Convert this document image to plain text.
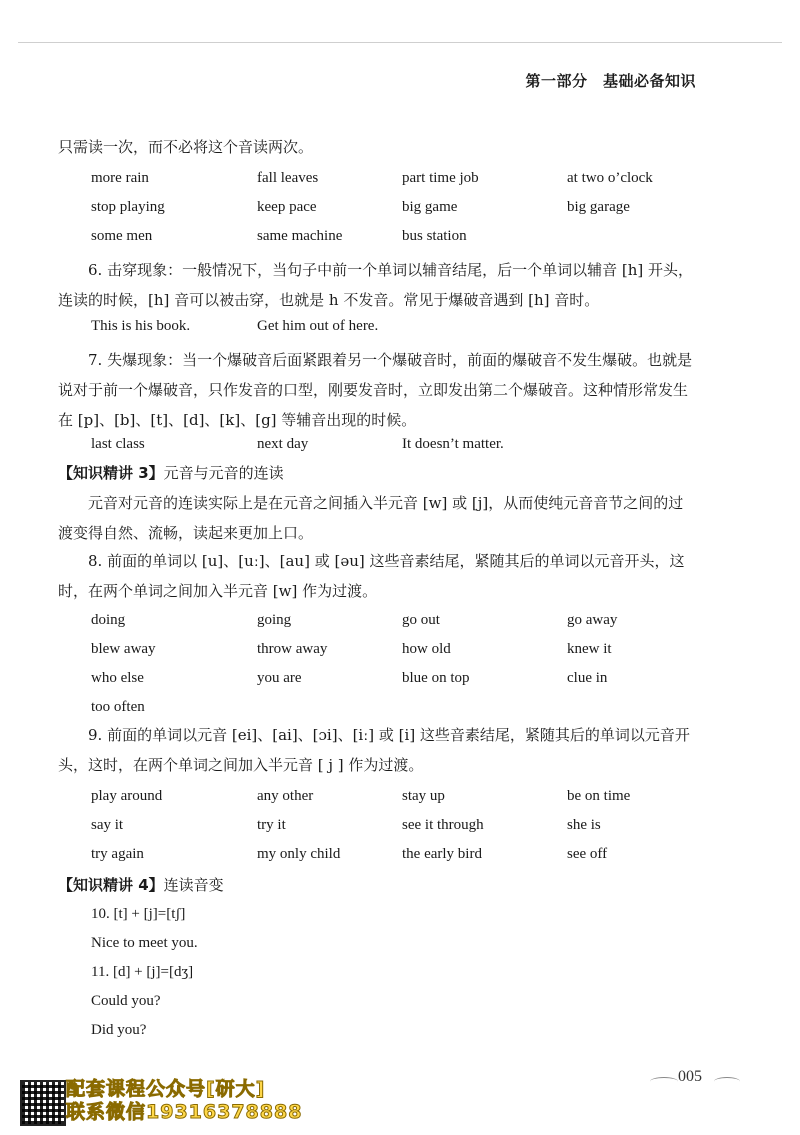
第一部分　基础必备知识

只需读一次，而不必将这个音读两次。

more rain	fall leaves	part time job	at two o’clock
stop playing	keep pace	big game	big garage
some men	same machine	bus station

6. 击穿现象：一般情况下，当句子中前一个单词以辅音结尾，后一个单词以辅音 [h] 开头，连读的时候，[h] 音可以被击穿，也就是 h 不发音。常见于爆破音遇到 [h] 音时。

This is his book.	Get him out of here.

7. 失爆现象：当一个爆破音后面紧跟着另一个爆破音时，前面的爆破音不发生爆破。也就是说对于前一个爆破音，只作发音的口型，刚要发音时，立即发出第二个爆破音。这种情形常发生在 [p]、[b]、[t]、[d]、[k]、[g] 等辅音出现的时候。

last class	next day	It doesn’t matter.

【知识精讲 3】元音与元音的连读

元音对元音的连读实际上是在元音之间插入半元音 [w] 或 [j]，从而使纯元音音节之间的过渡变得自然、流畅，读起来更加上口。

8. 前面的单词以 [u]、[uː]、[au] 或 [əu] 这些音素结尾，紧随其后的单词以元音开头，这时，在两个单词之间加入半元音 [w] 作为过渡。

doing	going	go out	go away
blew away	throw away	how old	knew it
who else	you are	blue on top	clue in
too often

9. 前面的单词以元音 [ei]、[ai]、[ɔi]、[iː] 或 [i] 这些音素结尾，紧随其后的单词以元音开头，这时，在两个单词之间加入半元音 [ j ] 作为过渡。

play around	any other	stay up	be on time
say it	try it	see it through	she is
try again	my only child	the early bird	see off

【知识精讲 4】连读音变

10. [t] + [j]=[tʃ]
Nice to meet you.
11. [d] + [j]=[dʒ]
Could you?
Did you?
配套课程公众号[研大]
联系微信19316378888
005
